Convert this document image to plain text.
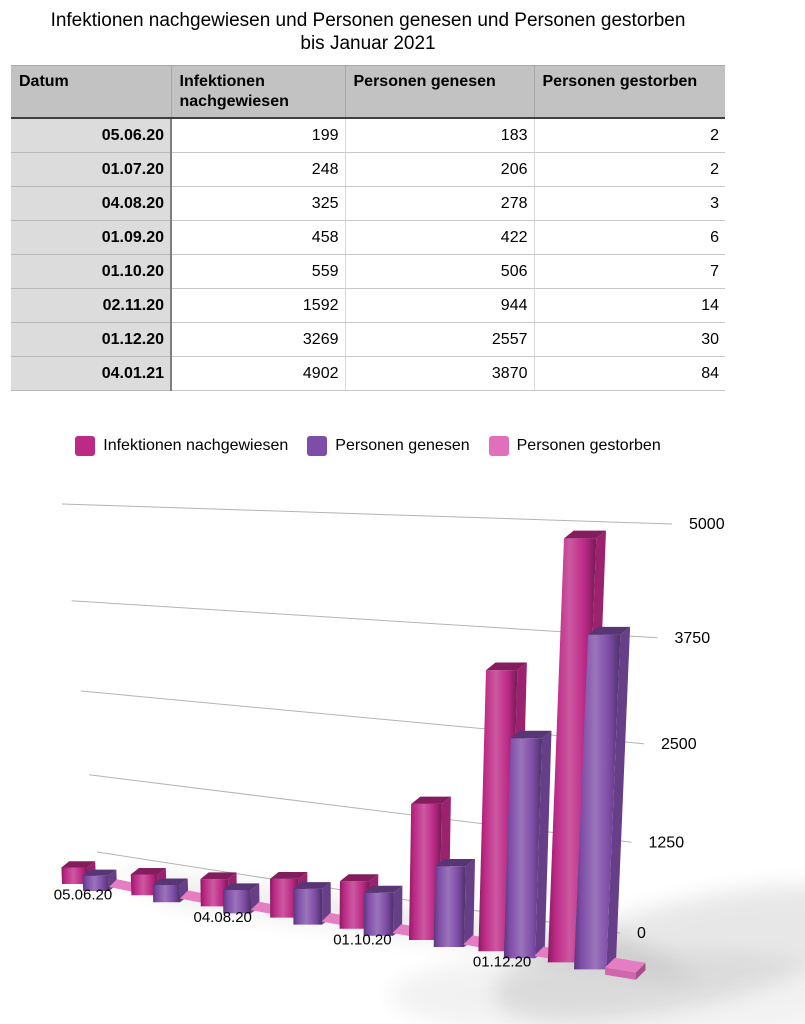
Infektionen nachgewiesen und Personen genesen und Personen gestorben
bis Januar 2021
Datum	Infektionen nachgewiesen	Personen genesen	Personen gestorben
05.06.20	199	183	2
01.07.20	248	206	2
04.08.20	325	278	3
01.09.20	458	422	6
01.10.20	559	506	7
02.11.20	1592	944	14
01.12.20	3269	2557	30
04.01.21	4902	3870	84
Infektionen nachgewiesen	Personen genesen	Personen gestorben
0
1250
2500
3750
5000
05.06.20
04.08.20
01.10.20
01.12.20
